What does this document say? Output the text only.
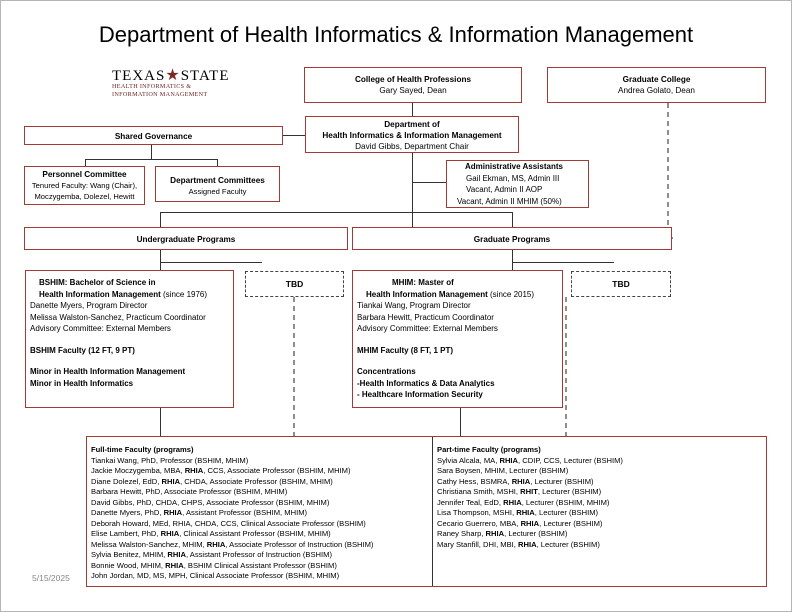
Department of Health Informatics & Information Management
TEXAS★STATE
HEALTH INFORMATICS &
INFORMATION MANAGEMENT
College of Health Professions
Gary Sayed, Dean
Graduate College
Andrea Golato, Dean
Department of
Health Informatics & Information Management
David Gibbs, Department Chair
Shared Governance
Personnel Committee
Tenured Faculty: Wang (Chair),
Moczygemba, Dolezel, Hewitt
Department Committees
Assigned Faculty
Administrative Assistants
Gail Ekman, MS, Admin III
Vacant, Admin II AOP
Vacant, Admin II MHIM (50%)
Undergraduate Programs	Graduate Programs
TBD	TBD
BSHIM: Bachelor of Science in
Health Information Management (since 1976)
Danette Myers, Program Director
Melissa Walston-Sanchez, Practicum Coordinator
Advisory Committee: External Members
BSHIM Faculty (12 FT, 9 PT)
Minor in Health Information Management
Minor in Health Informatics
MHIM: Master of
Health Information Management (since 2015)
Tiankai Wang, Program Director
Barbara Hewitt, Practicum Coordinator
Advisory Committee: External Members
MHIM Faculty (8 FT, 1 PT)
Concentrations
-Health Informatics & Data Analytics
- Healthcare Information Security
Full-time Faculty (programs)
Tiankai Wang, PhD, Professor (BSHIM, MHIM)
Jackie Moczygemba, MBA, RHIA, CCS, Associate Professor (BSHIM, MHIM)
Diane Dolezel, EdD, RHIA, CHDA, Associate Professor (BSHIM, MHIM)
Barbara Hewitt, PhD, Associate Professor (BSHIM, MHIM)
David Gibbs, PhD, CHDA, CHPS, Associate Professor (BSHIM, MHIM)
Danette Myers, PhD, RHIA, Assistant Professor (BSHIM, MHIM)
Deborah Howard, MEd, RHIA, CHDA, CCS, Clinical Associate Professor (BSHIM)
Elise Lambert, PhD, RHIA, Clinical Assistant Professor (BSHIM, MHIM)
Melissa Walston-Sanchez, MHIM, RHIA, Associate Professor of Instruction (BSHIM)
Sylvia Benitez, MHIM, RHIA, Assistant Professor of Instruction (BSHIM)
Bonnie Wood, MHIM, RHIA, BSHIM Clinical Assistant Professor (BSHIM)
John Jordan, MD, MS, MPH, Clinical Associate Professor (BSHIM, MHIM)
Part-time Faculty (programs)
Sylvia Alcala, MA, RHIA, CDIP, CCS, Lecturer (BSHIM)
Sara Boysen, MHIM, Lecturer (BSHIM)
Cathy Hess, BSMRA, RHIA, Lecturer (BSHIM)
Christiana Smith, MSHI, RHIT, Lecturer (BSHIM)
Jennifer Teal, EdD, RHIA, Lecturer (BSHIM, MHIM)
Lisa Thompson, MSHI, RHIA, Lecturer (BSHIM)
Cecario Guerrero, MBA, RHIA, Lecturer (BSHIM)
Raney Sharp, RHIA, Lecturer (BSHIM)
Mary Stanfill, DHI, MBI, RHIA, Lecturer (BSHIM)
5/15/2025
